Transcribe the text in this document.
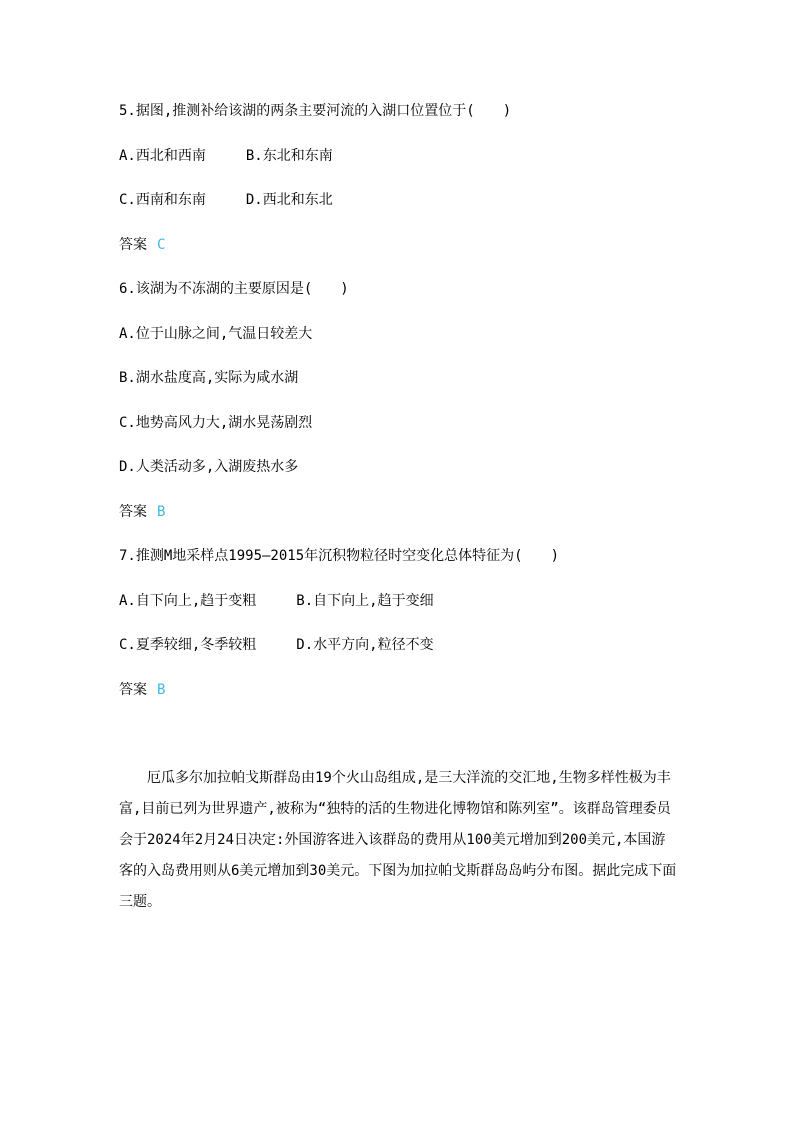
5.据图,推测补给该湖的两条主要河流的入湖口位置位于(　　)
A.西北和西南	B.东北和东南
C.西南和东南	D.西北和东北
答案 C
6.该湖为不冻湖的主要原因是(　　)
A.位于山脉之间,气温日较差大
B.湖水盐度高,实际为咸水湖
C.地势高风力大,湖水晃荡剧烈
D.人类活动多,入湖废热水多
答案 B
7.推测M地采样点1995—2015年沉积物粒径时空变化总体特征为(　　)
A.自下向上,趋于变粗	B.自下向上,趋于变细
C.夏季较细,冬季较粗	D.水平方向,粒径不变
答案 B
厄瓜多尔加拉帕戈斯群岛由19个火山岛组成,是三大洋流的交汇地,生物多样性极为丰富,目前已列为世界遗产,被称为“独特的活的生物进化博物馆和陈列室”。该群岛管理委员会于2024年2月24日决定:外国游客进入该群岛的费用从100美元增加到200美元,本国游客的入岛费用则从6美元增加到30美元。下图为加拉帕戈斯群岛岛屿分布图。据此完成下面三题。
